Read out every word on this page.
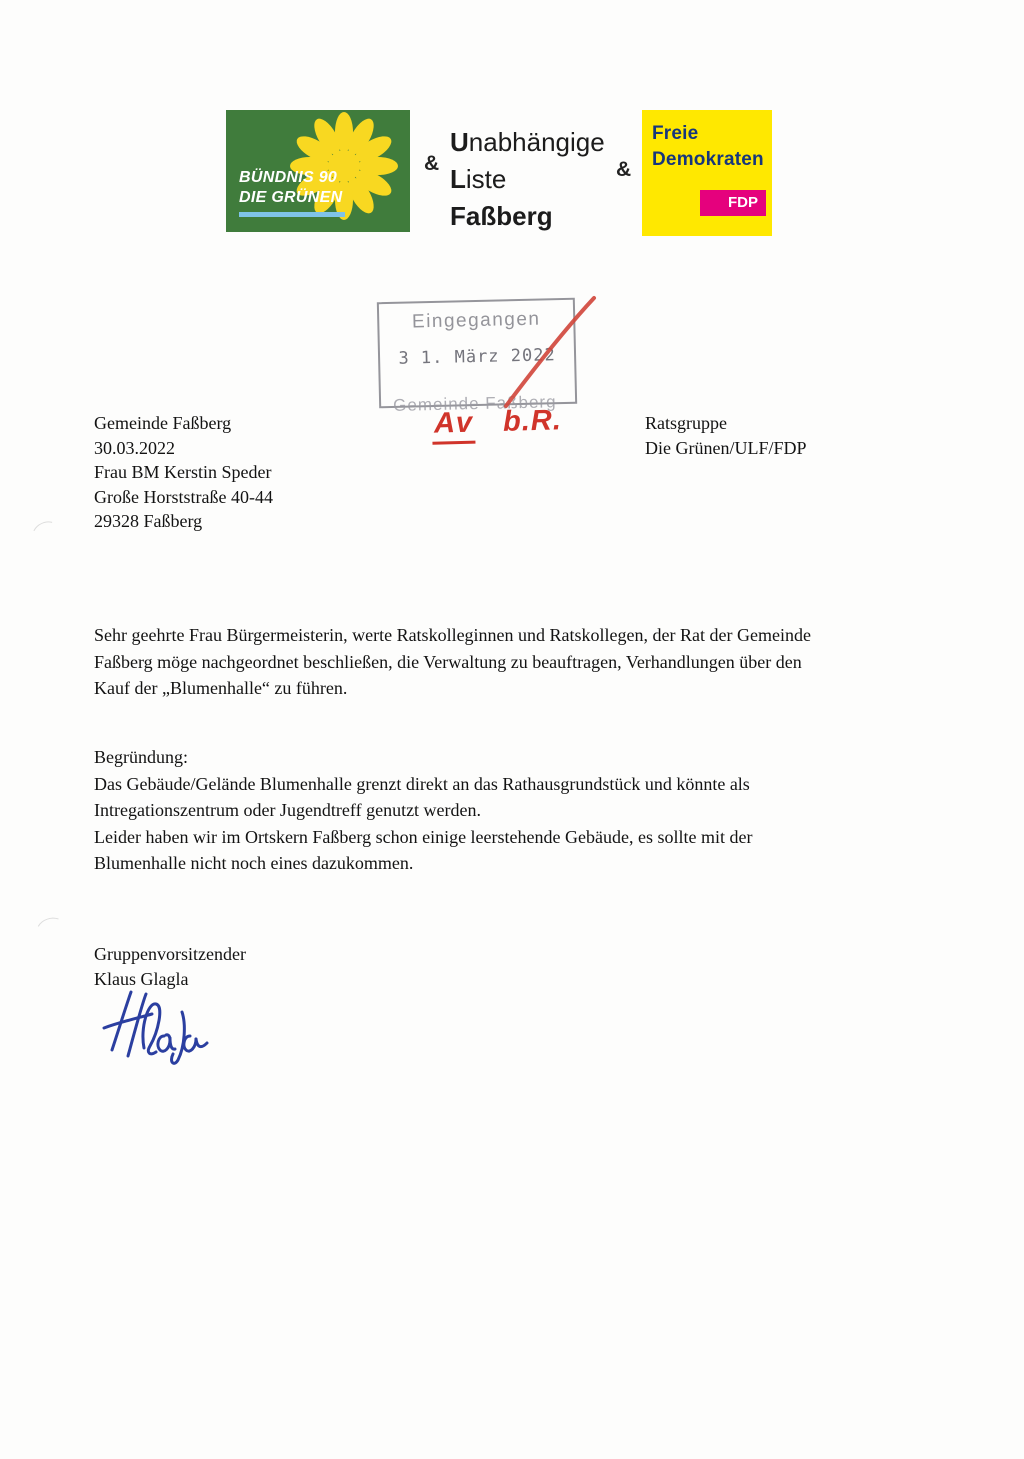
BÜNDNIS 90
DIE GRÜNEN
&
Unabhängige
Liste
Faßberg
&
Freie
Demokraten
FDP
Eingegangen
3 1. März 2022
Gemeinde Faßberg
Av b.R.
Gemeinde Faßberg
30.03.2022
Frau BM Kerstin Speder
Große Horststraße 40-44
29328 Faßberg
Ratsgruppe
Die Grünen/ULF/FDP
Sehr geehrte Frau Bürgermeisterin, werte Ratskolleginnen und Ratskollegen, der Rat der Gemeinde
Faßberg möge nachgeordnet beschließen, die Verwaltung zu beauftragen, Verhandlungen über den
Kauf der „Blumenhalle“ zu führen.
Begründung:
Das Gebäude/Gelände Blumenhalle grenzt direkt an das Rathausgrundstück und könnte als
Intregationszentrum oder Jugendtreff genutzt werden.
Leider haben wir im Ortskern Faßberg schon einige leerstehende Gebäude, es sollte mit der
Blumenhalle nicht noch eines dazukommen.
Gruppenvorsitzender
Klaus Glagla
